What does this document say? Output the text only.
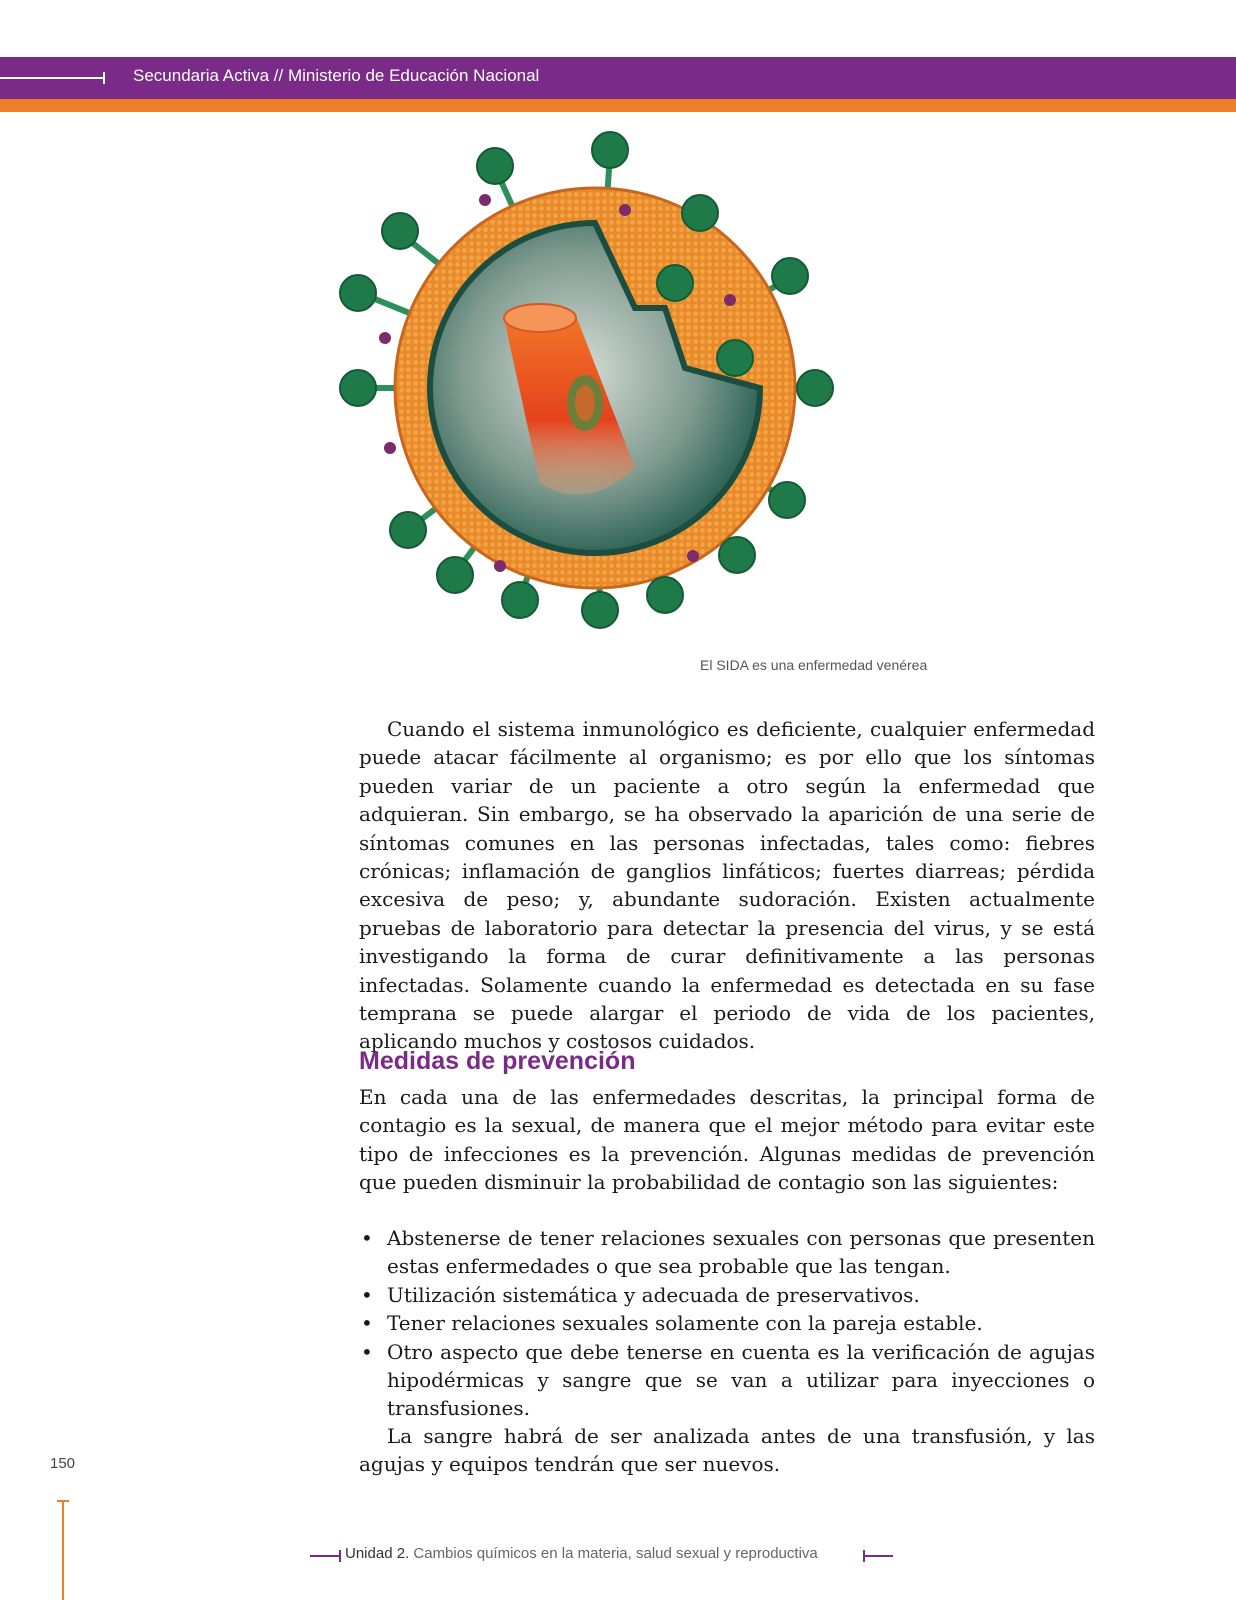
Secundaria Activa // Ministerio de Educación Nacional
El SIDA es una enfermedad venérea

Cuando el sistema inmunológico es deficiente, cualquier enfermedad puede atacar fácilmente al organismo; es por ello que los síntomas pueden variar de un paciente a otro según la enfermedad que adquieran. Sin embargo, se ha observado la aparición de una serie de síntomas comunes en las personas infectadas, tales como: fiebres crónicas; inflamación de ganglios linfáticos; fuertes diarreas; pérdida excesiva de peso; y, abundante sudoración. Existen actualmente pruebas de laboratorio para detectar la presencia del virus, y se está investigando la forma de curar definitivamente a las personas infectadas. Solamente cuando la enfermedad es detectada en su fase temprana se puede alargar el periodo de vida de los pacientes, aplicando muchos y costosos cuidados.

Medidas de prevención

En cada una de las enfermedades descritas, la principal forma de contagio es la sexual, de manera que el mejor método para evitar este tipo de infecciones es la prevención. Algunas medidas de prevención que pueden disminuir la probabilidad de contagio son las siguientes:

• Abstenerse de tener relaciones sexuales con personas que presenten estas enfermedades o que sea probable que las tengan.
• Utilización sistemática y adecuada de preservativos.
• Tener relaciones sexuales solamente con la pareja estable.
• Otro aspecto que debe tenerse en cuenta es la verificación de agujas hipodérmicas y sangre que se van a utilizar para inyecciones o transfusiones.

La sangre habrá de ser analizada antes de una transfusión, y las agujas y equipos tendrán que ser nuevos.

150
Unidad 2. Cambios químicos en la materia, salud sexual y reproductiva
